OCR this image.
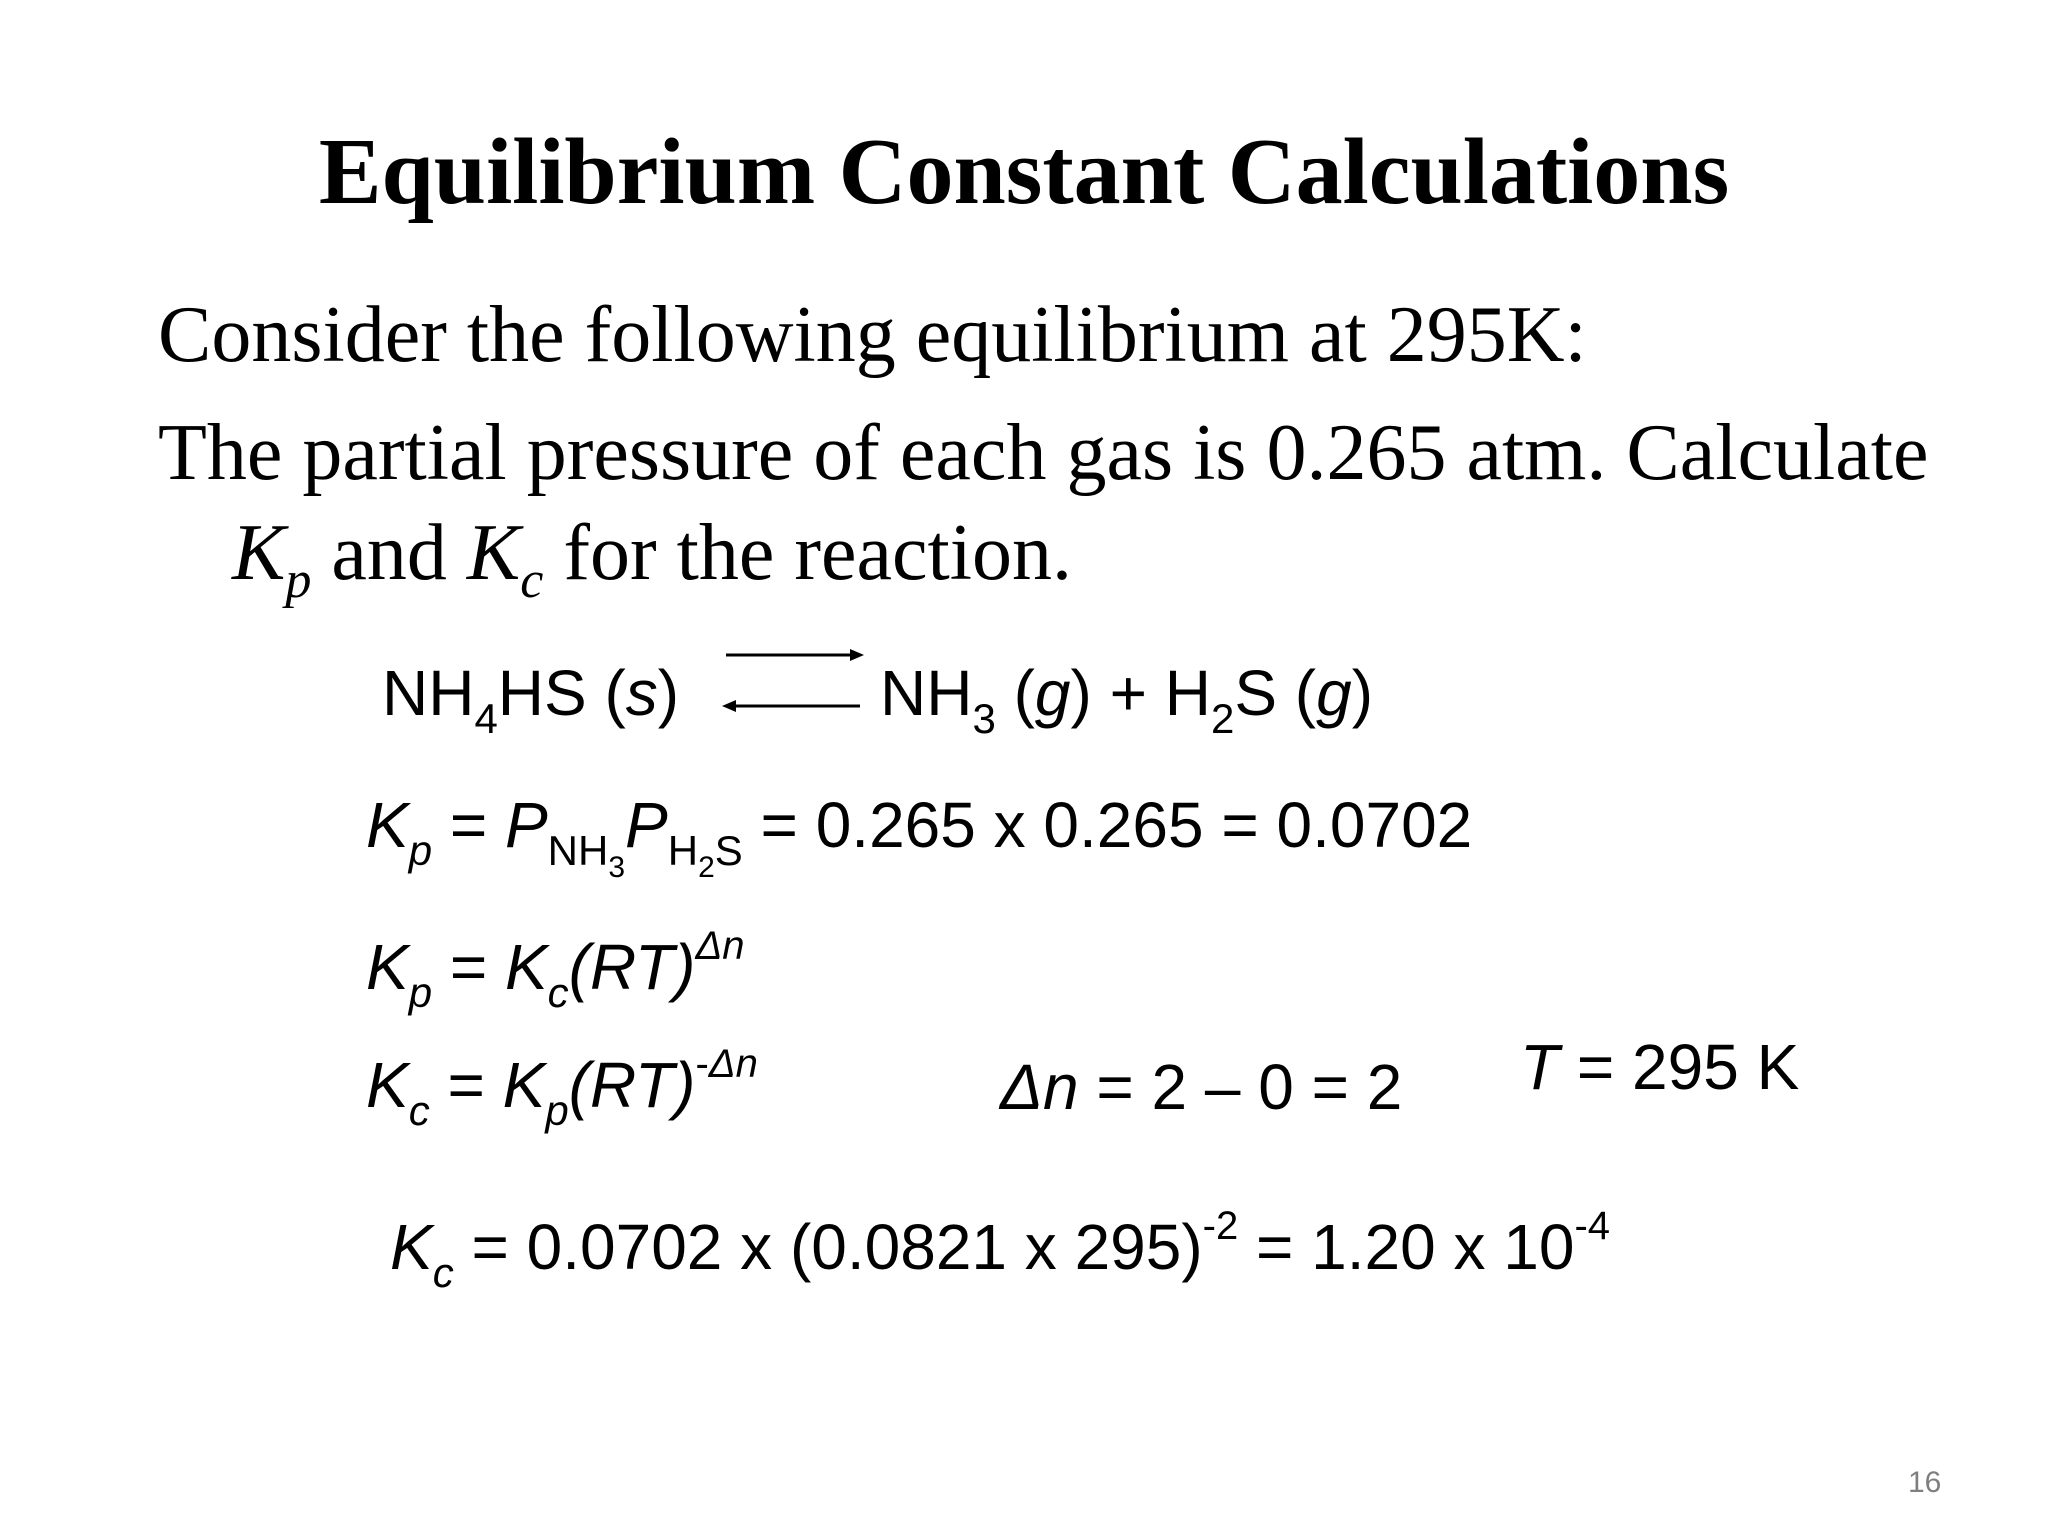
Equilibrium Constant Calculations
Consider the following equilibrium at 295K:
The partial pressure of each gas is 0.265 atm. Calculate
$K_p$ and $K_c$ for the reaction.
$NH_4HS$ (s)	$NH_3$ $(g) + H_2S$ (g)
$K_p = P_{NH_3}P_{H_2S} = 0.265$ x 0.265 = 0.0702
$K_p = K_c(RT)^{\Delta n}$
$K_c = K_p(RT)^{-\Delta n}$	Δn = 2 – 0 = 2 T = 295 K
$K_c = 0.0702$ x (0.0821 x 295)$^{-2}$ = 1.20 x $10^{-4}$
16
